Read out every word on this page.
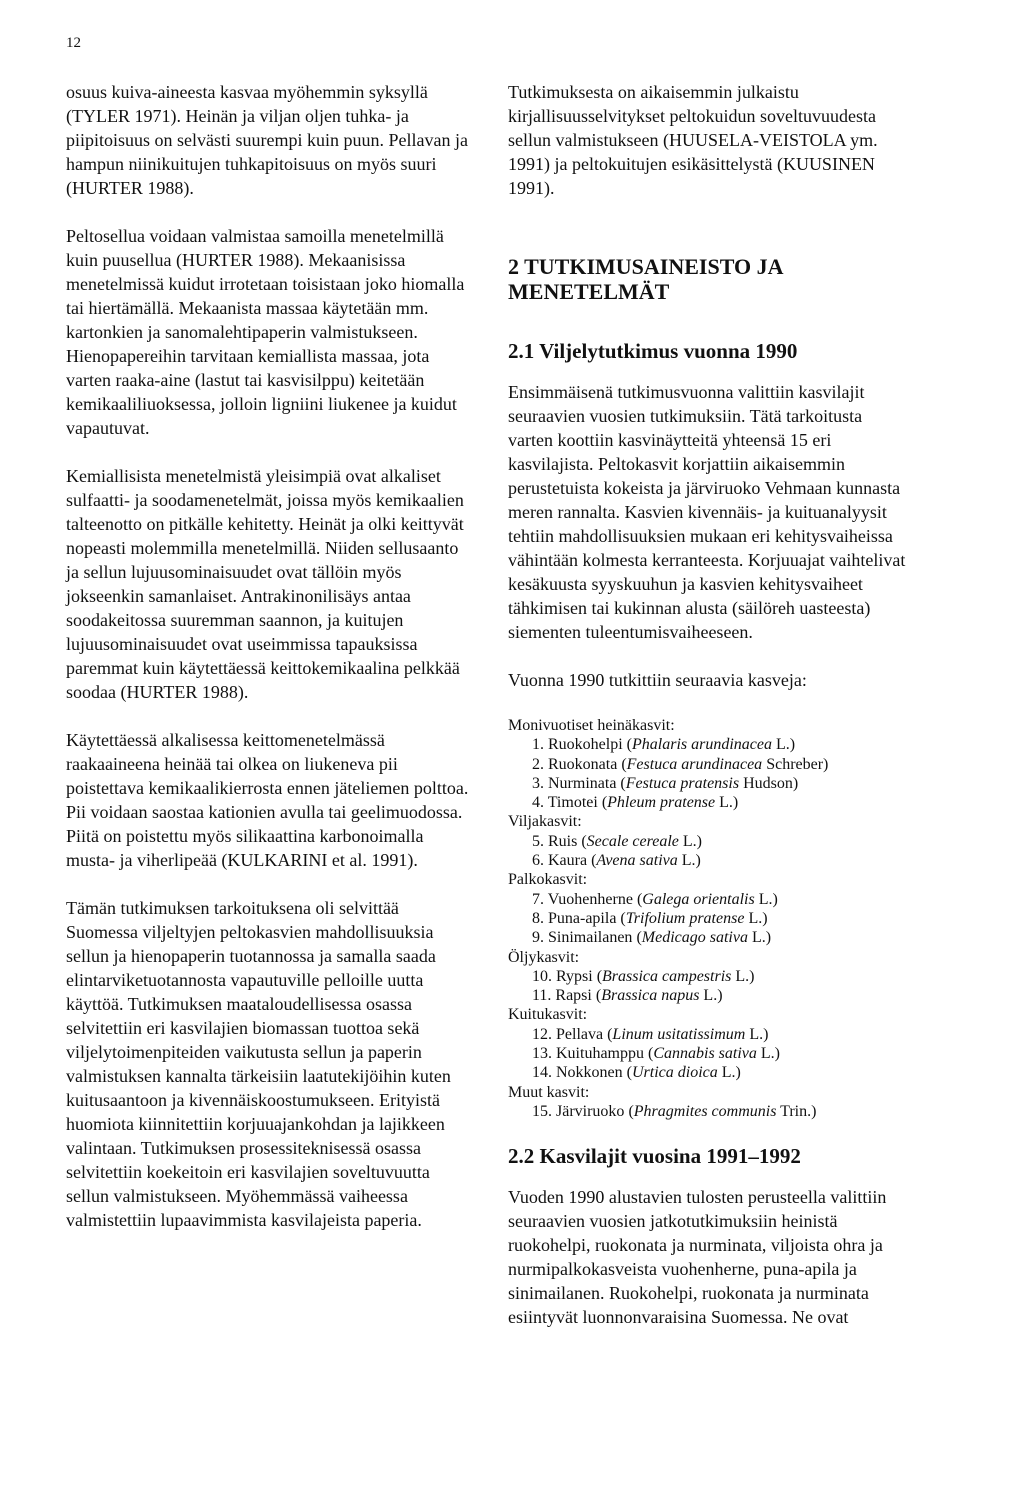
12

osuus kuiva-aineesta kasvaa myöhemmin syksyllä (TYLER 1971). Heinän ja viljan oljen tuhka- ja piipitoisuus on selvästi suurempi kuin puun. Pellavan ja hampun niinikuitujen tuhkapitoisuus on myös suuri (HURTER 1988).

Peltosellua voidaan valmistaa samoilla menetelmillä kuin puusellua (HURTER 1988). Mekaanisissa menetelmissä kuidut irrotetaan toisistaan joko hiomalla tai hiertämällä. Mekaanista massaa käytetään mm. kartonkien ja sanomalehtipaperin valmistukseen. Hienopapereihin tarvitaan kemiallista massaa, jota varten raaka-aine (lastut tai kasvisilppu) keitetään kemikaaliliuoksessa, jolloin ligniini liukenee ja kuidut vapautuvat.

Kemiallisista menetelmistä yleisimpiä ovat alkaliset sulfaatti- ja soodamenetelmät, joissa myös kemikaalien talteenotto on pitkälle kehitetty. Heinät ja olki keittyvät nopeasti molemmilla menetelmillä. Niiden sellusaanto ja sellun lujuusominaisuudet ovat tällöin myös jokseenkin samanlaiset. Antrakinonilisäys antaa soodakeitossa suuremman saannon, ja kuitujen lujuusominaisuudet ovat useimmissa tapauksissa paremmat kuin käytettäessä keittokemikaalina pelkkää soodaa (HURTER 1988).

Käytettäessä alkalisessa keittomenetelmässä raakaaineena heinää tai olkea on liukeneva pii poistettava kemikaalikierrosta ennen jäteliemen polttoa. Pii voidaan saostaa kationien avulla tai geelimuodossa. Piitä on poistettu myös silikaattina karbonoimalla musta- ja viherlipeää (KULKARINI et al. 1991).

Tämän tutkimuksen tarkoituksena oli selvittää Suomessa viljeltyjen peltokasvien mahdollisuuksia sellun ja hienopaperin tuotannossa ja samalla saada elintarviketuotannosta vapautuville pelloille uutta käyttöä. Tutkimuksen maataloudellisessa osassa selvitettiin eri kasvilajien biomassan tuottoa sekä viljelytoimenpiteiden vaikutusta sellun ja paperin valmistuksen kannalta tärkeisiin laatutekijöihin kuten kuitusaantoon ja kivennäiskoostumukseen. Erityistä huomiota kiinnitettiin korjuuajankohdan ja lajikkeen valintaan. Tutkimuksen prosessiteknisessä osassa selvitettiin koekeitoin eri kasvilajien soveltuvuutta sellun valmistukseen. Myöhemmässä vaiheessa valmistettiin lupaavimmista kasvilajeista paperia.

Tutkimuksesta on aikaisemmin julkaistu kirjallisuusselvitykset peltokuidun soveltuvuudesta sellun valmistukseen (HUUSELA-VEISTOLA ym. 1991) ja peltokuitujen esikäsittelystä (KUUSINEN 1991).

2 TUTKIMUSAINEISTO JA MENETELMÄT
2.1 Viljelytutkimus vuonna 1990

Ensimmäisenä tutkimusvuonna valittiin kasvilajit seuraavien vuosien tutkimuksiin. Tätä tarkoitusta varten koottiin kasvinäytteitä yhteensä 15 eri kasvilajista. Peltokasvit korjattiin aikaisemmin perustetuista kokeista ja järviruoko Vehmaan kunnasta meren rannalta. Kasvien kivennäis- ja kuituanalyysit tehtiin mahdollisuuksien mukaan eri kehitysvaiheissa vähintään kolmesta kerranteesta. Korjuuajat vaihtelivat kesäkuusta syyskuuhun ja kasvien kehitysvaiheet tähkimisen tai kukinnan alusta (säilöreh uasteesta) siementen tuleentumisvaiheeseen.

Vuonna 1990 tutkittiin seuraavia kasveja:

Monivuotiset heinäkasvit:
1. Ruokohelpi (Phalaris arundinacea L.)
2. Ruokonata (Festuca arundinacea Schreber)
3. Nurminata (Festuca pratensis Hudson)
4. Timotei (Phleum pratense L.)
Viljakasvit:
5. Ruis (Secale cereale L.)
6. Kaura (Avena sativa L.)
Palkokasvit:
7. Vuohenherne (Galega orientalis L.)
8. Puna-apila (Trifolium pratense L.)
9. Sinimailanen (Medicago sativa L.)
Öljykasvit:
10. Rypsi (Brassica campestris L.)
11. Rapsi (Brassica napus L.)
Kuitukasvit:
12. Pellava (Linum usitatissimum L.)
13. Kuituhamppu (Cannabis sativa L.)
14. Nokkonen (Urtica dioica L.)
Muut kasvit:
15. Järviruoko (Phragmites communis Trin.)
2.2 Kasvilajit vuosina 1991–1992

Vuoden 1990 alustavien tulosten perusteella valittiin seuraavien vuosien jatkotutkimuksiin heinistä ruokohelpi, ruokonata ja nurminata, viljoista ohra ja nurmipalkokasveista vuohenherne, puna-apila ja sinimailanen. Ruokohelpi, ruokonata ja nurminata esiintyvät luonnonvaraisina Suomessa. Ne ovat
